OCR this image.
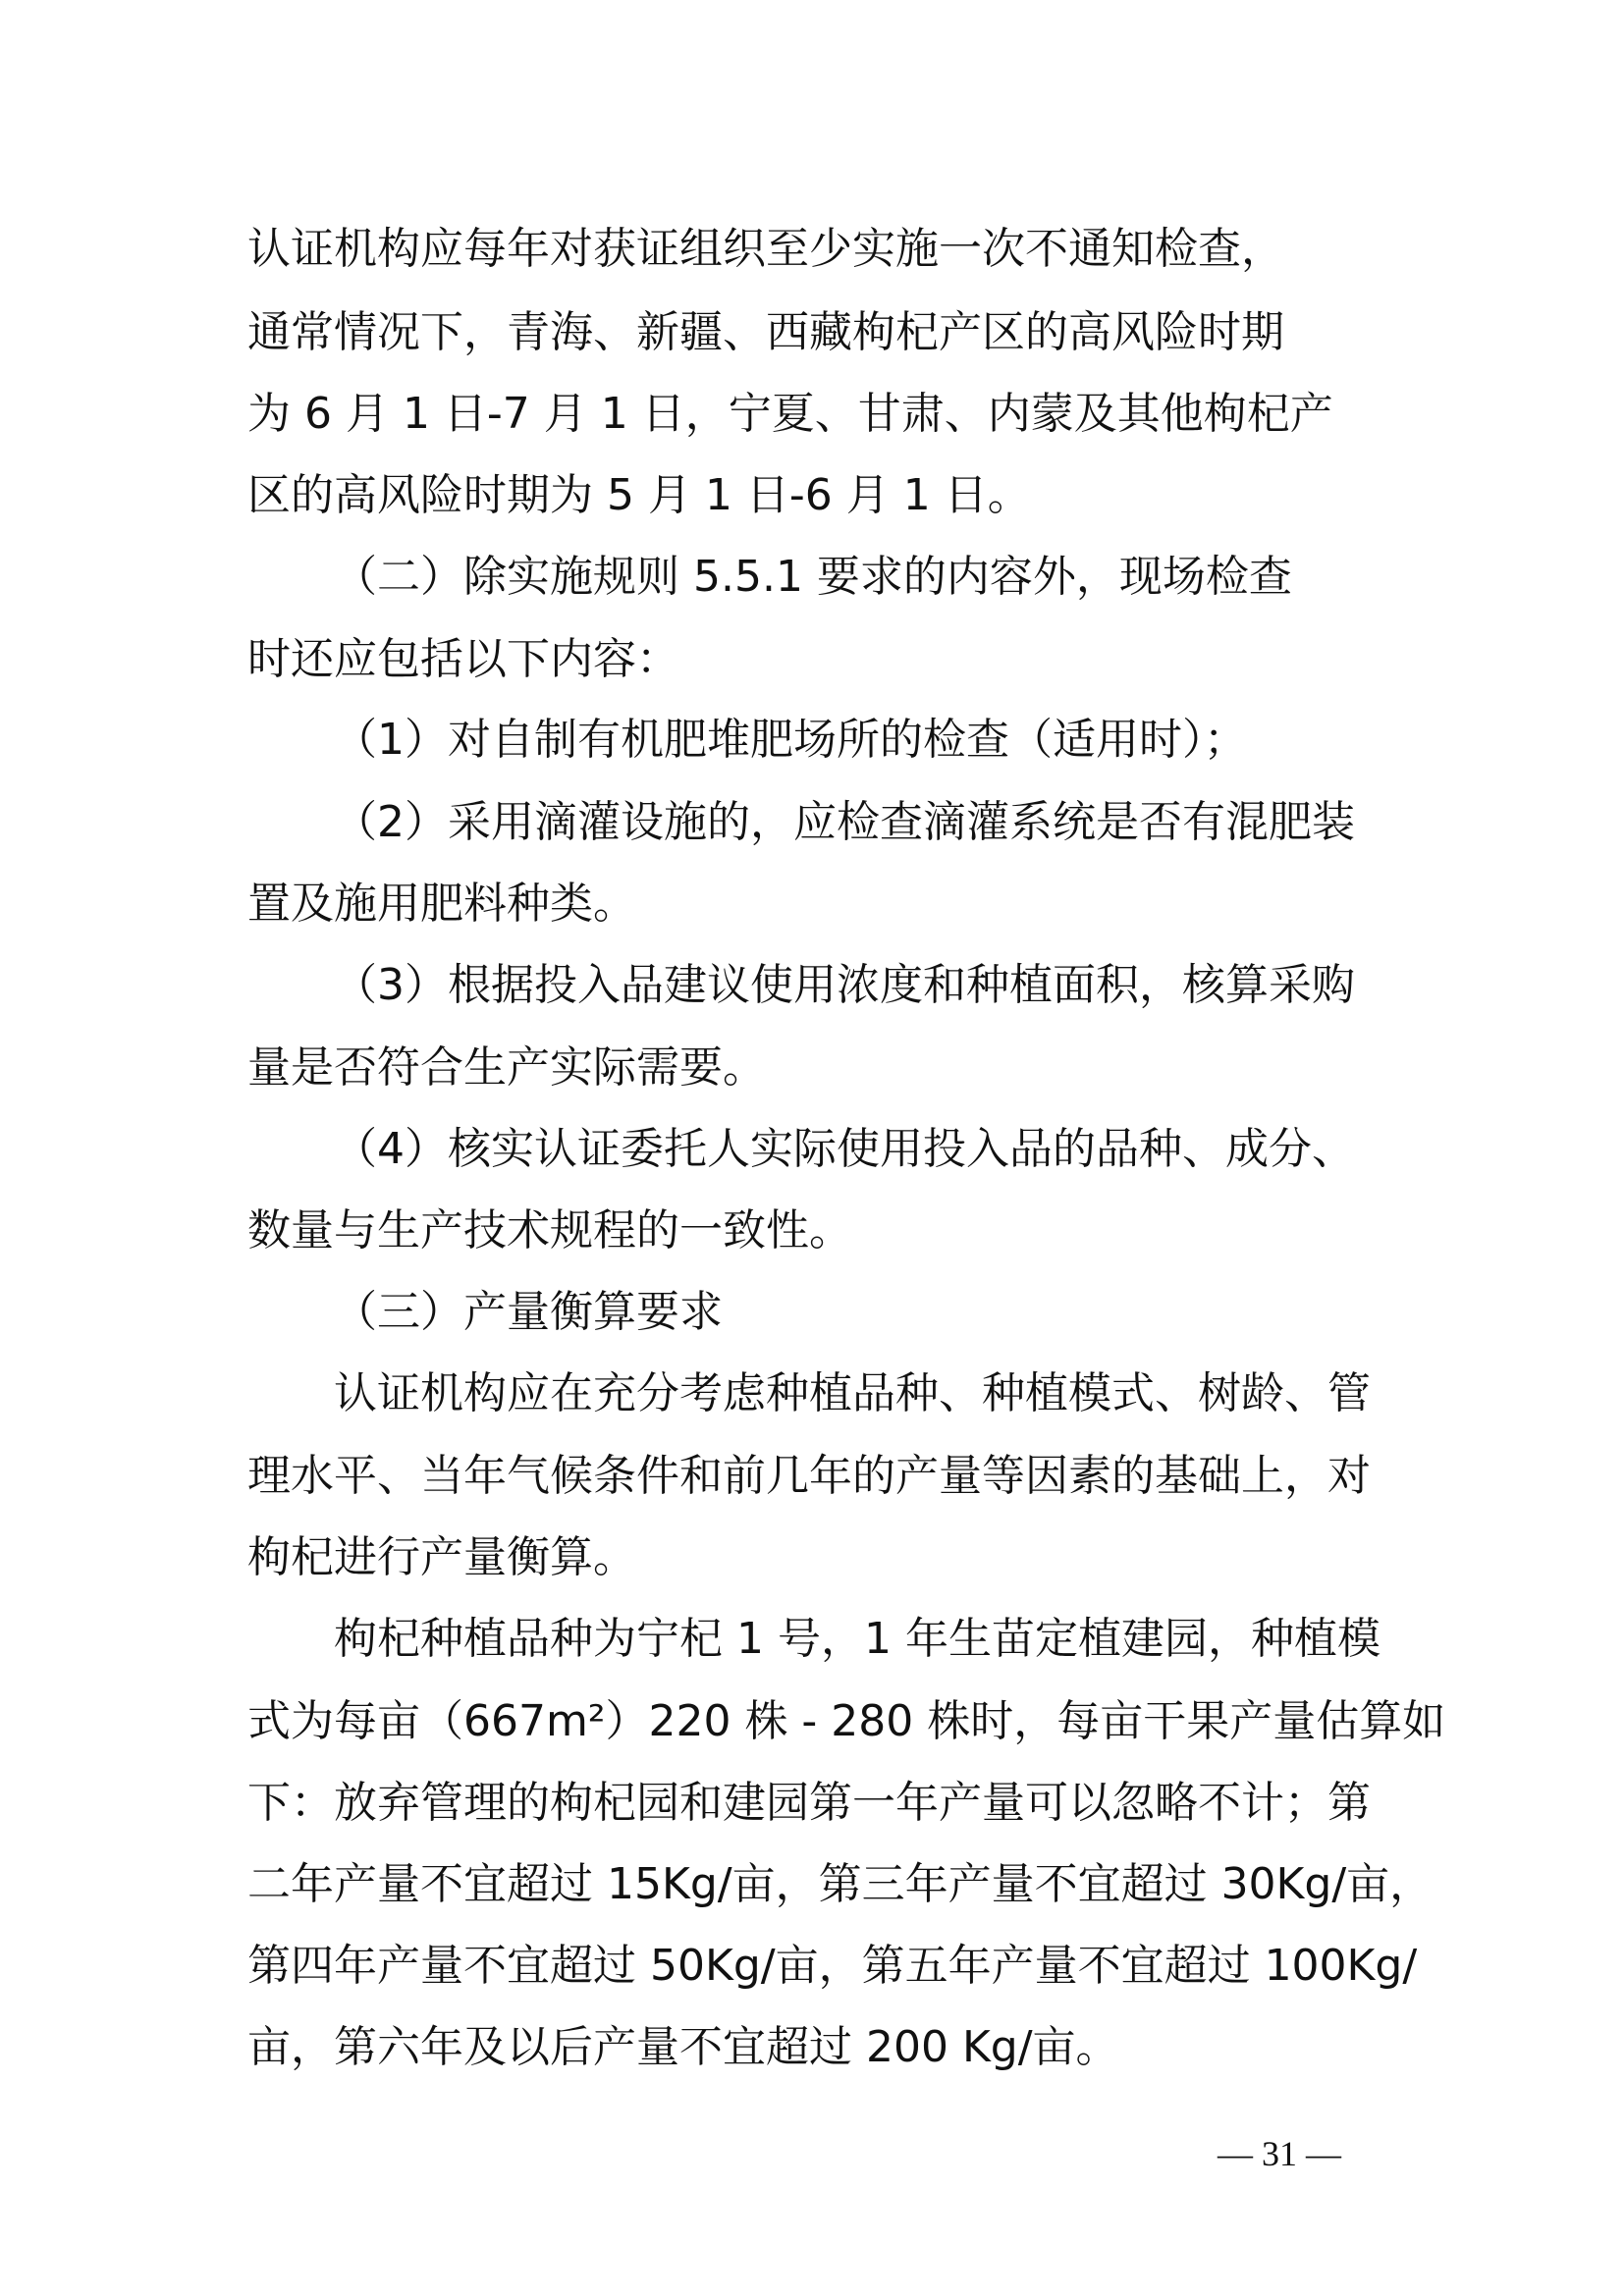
认证机构应每年对获证组织至少实施一次不通知检查，
通常情况下，青海、新疆、西藏枸杞产区的高风险时期
为 6 月 1 日-7 月 1 日，宁夏、甘肃、内蒙及其他枸杞产
区的高风险时期为 5 月 1 日-6 月 1 日。
（二）除实施规则 5.5.1 要求的内容外，现场检查
时还应包括以下内容：
（1）对自制有机肥堆肥场所的检查（适用时）；
（2）采用滴灌设施的，应检查滴灌系统是否有混肥装
置及施用肥料种类。
（3）根据投入品建议使用浓度和种植面积，核算采购
量是否符合生产实际需要。
（4）核实认证委托人实际使用投入品的品种、成分、
数量与生产技术规程的一致性。
（三）产量衡算要求
认证机构应在充分考虑种植品种、种植模式、树龄、管
理水平、当年气候条件和前几年的产量等因素的基础上，对
枸杞进行产量衡算。
枸杞种植品种为宁杞 1 号，1 年生苗定植建园，种植模
式为每亩（667m²）220 株 - 280 株时，每亩干果产量估算如
下：放弃管理的枸杞园和建园第一年产量可以忽略不计；第
二年产量不宜超过 15Kg/亩，第三年产量不宜超过 30Kg/亩，
第四年产量不宜超过 50Kg/亩，第五年产量不宜超过 100Kg/
亩，第六年及以后产量不宜超过 200 Kg/亩。
— 31 —
